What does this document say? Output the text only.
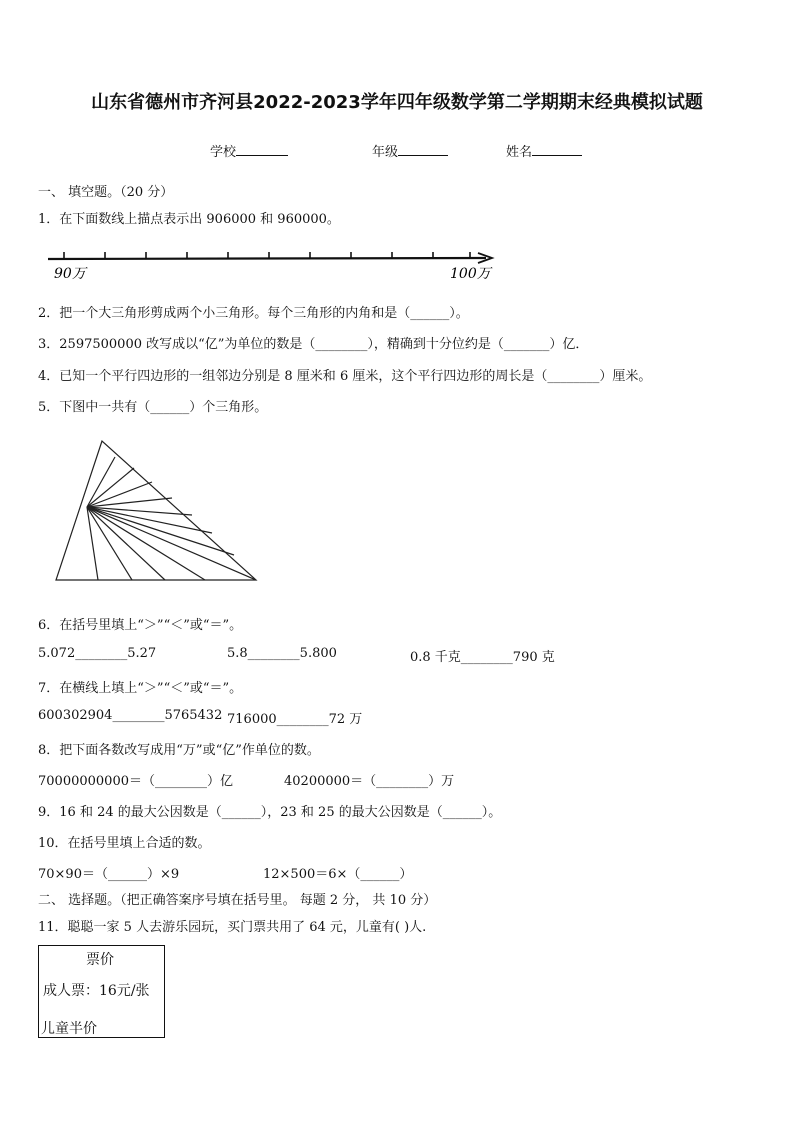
山东省德州市齐河县2022-2023学年四年级数学第二学期期末经典模拟试题
学校	年级	姓名
一、 填空题。（20 分）
1．在下面数线上描点表示出 906000 和 960000。
90万	100万
2．把一个大三角形剪成两个小三角形。每个三角形的内角和是（______）。
3．2597500000 改写成以“亿”为单位的数是（________），精确到十分位约是（_______）亿．
4．已知一个平行四边形的一组邻边分别是 8 厘米和 6 厘米，这个平行四边形的周长是（________）厘米。
5．下图中一共有（______）个三角形。
6．在括号里填上“＞”“＜”或“＝”。
5.072________5.27	5.8________5.800	0.8 千克________790 克
7．在横线上填上“＞”“＜”或“＝”。
600302904________5765432 716000________72 万
8．把下面各数改写成用“万”或“亿”作单位的数。
70000000000＝（________）亿	40200000＝（________）万
9．16 和 24 的最大公因数是（______），23 和 25 的最大公因数是（______）。
10．在括号里填上合适的数。
70×90＝（______）×9	12×500＝6×（______）
二、 选择题。（把正确答案序号填在括号里。 每题 2 分， 共 10 分）
11．聪聪一家 5 人去游乐园玩，买门票共用了 64 元，儿童有( )人.
票价
成人票：16元/张
儿童半价
